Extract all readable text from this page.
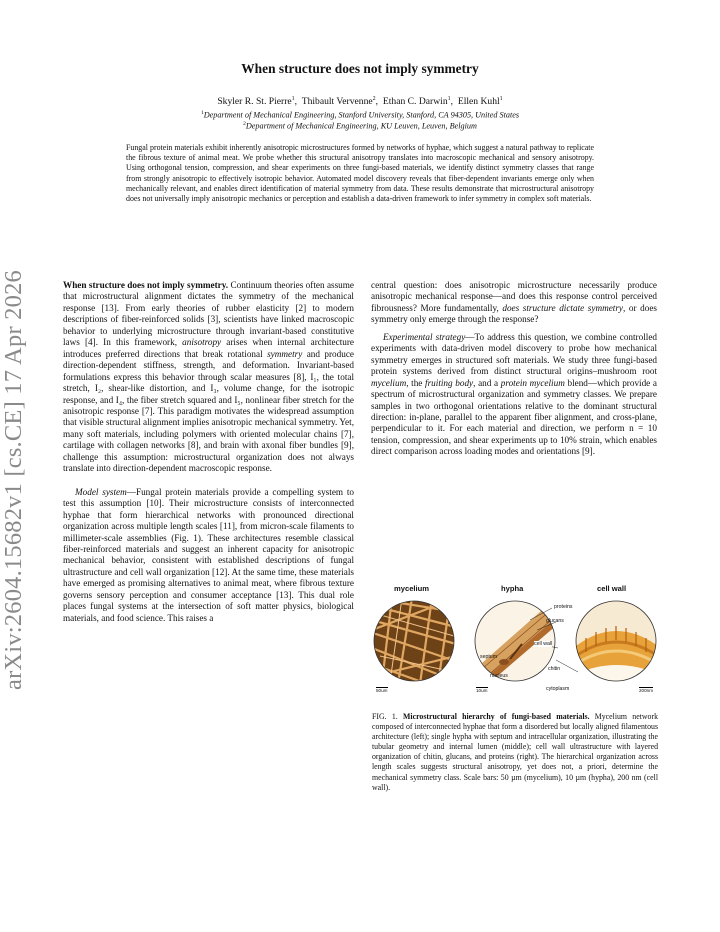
arXiv:2604.15682v1 [cs.CE] 17 Apr 2026
When structure does not imply symmetry
Skyler R. St. Pierre$^1$,  Thibault Vervenne$^2$,  Ethan C. Darwin$^1$,  Ellen Kuhl$^1$
$^1$Department of Mechanical Engineering, Stanford University, Stanford, CA 94305, United States
$^2$Department of Mechanical Engineering, KU Leuven, Leuven, Belgium
Fungal protein materials exhibit inherently anisotropic microstructures formed by networks of hyphae, which suggest a natural pathway to replicate the fibrous texture of animal meat. We probe whether this structural anisotropy translates into macroscopic mechanical and sensory anisotropy. Using orthogonal tension, compression, and shear experiments on three fungi-based materials, we identify distinct symmetry classes that range from strongly anisotropic to effectively isotropic behavior. Automated model discovery reveals that fiber-dependent invariants emerge only when mechanically relevant, and enables direct identification of material symmetry from data. These results demonstrate that microstructural anisotropy does not universally imply anisotropic mechanics or perception and establish a data-driven framework to infer symmetry in complex soft materials.

When structure does not imply symmetry. Continuum theories often assume that microstructural alignment dictates the symmetry of the mechanical response [13]. From early theories of rubber elasticity [2] to modern descriptions of fiber-reinforced solids [3], scientists have linked macroscopic behavior to underlying microstructure through invariant-based constitutive laws [4]. In this framework, anisotropy arises when internal architecture introduces preferred directions that break rotational symmetry and produce direction-dependent stiffness, strength, and deformation. Invariant-based formulations express this behavior through scalar measures [8], I₁, the total stretch, I₂, shear-like distortion, and I₃, volume change, for the isotropic response, and I₄, the fiber stretch squared and I₅, nonlinear fiber stretch for the anisotropic response [7]. This paradigm motivates the widespread assumption that visible structural alignment implies anisotropic mechanical symmetry. Yet, many soft materials, including polymers with oriented molecular chains [7], cartilage with collagen networks [8], and brain with axonal fiber bundles [9], challenge this assumption: microstructural organization does not always translate into direction-dependent macroscopic response.

Model system—Fungal protein materials provide a compelling system to test this assumption [10]. Their microstructure consists of interconnected hyphae that form hierarchical networks with pronounced directional organization across multiple length scales [11], from micron-scale filaments to millimeter-scale assemblies (Fig. 1). These architectures resemble classical fiber-reinforced materials and suggest an inherent capacity for anisotropic mechanical behavior, consistent with established descriptions of fungal ultrastructure and cell wall organization [12]. At the same time, these materials have emerged as promising alternatives to animal meat, where fibrous texture governs sensory perception and consumer acceptance [13]. This dual role places fungal systems at the intersection of soft matter physics, biological materials, and food science. This raises a

central question: does anisotropic microstructure necessarily produce anisotropic mechanical response—and does this response control perceived fibrousness? More fundamentally, does structure dictate symmetry, or does symmetry only emerge through the response?

Experimental strategy—To address this question, we combine controlled experiments with data-driven model discovery to probe how mechanical symmetry emerges in structured soft materials. We study three fungi-based protein systems derived from distinct structural origins–mushroom root mycelium, the fruiting body, and a protein mycelium blend—which provide a spectrum of microstructural organization and symmetry classes. We prepare samples in two orthogonal orientations relative to the dominant structural direction: in-plane, parallel to the apparent fiber alignment, and cross-plane, perpendicular to it. For each material and direction, we perform n = 10 tension, compression, and shear experiments up to 10% strain, which enables direct comparison across loading modes and orientations [9].

mycelium	hypha	cell wall
proteins
glucans
cell wall
septum
nucleus
chitin
cytoplasm
50um	10um	200nm
FIG. 1. Microstructural hierarchy of fungi-based materials. Mycelium network composed of interconnected hyphae that form a disordered but locally aligned filamentous architecture (left); single hypha with septum and intracellular organization, illustrating the tubular geometry and internal lumen (middle); cell wall ultrastructure with layered organization of chitin, glucans, and proteins (right). The hierarchical organization across length scales suggests structural anisotropy, yet does not, a priori, determine the mechanical symmetry class. Scale bars: 50 µm (mycelium), 10 µm (hypha), 200 nm (cell wall).
